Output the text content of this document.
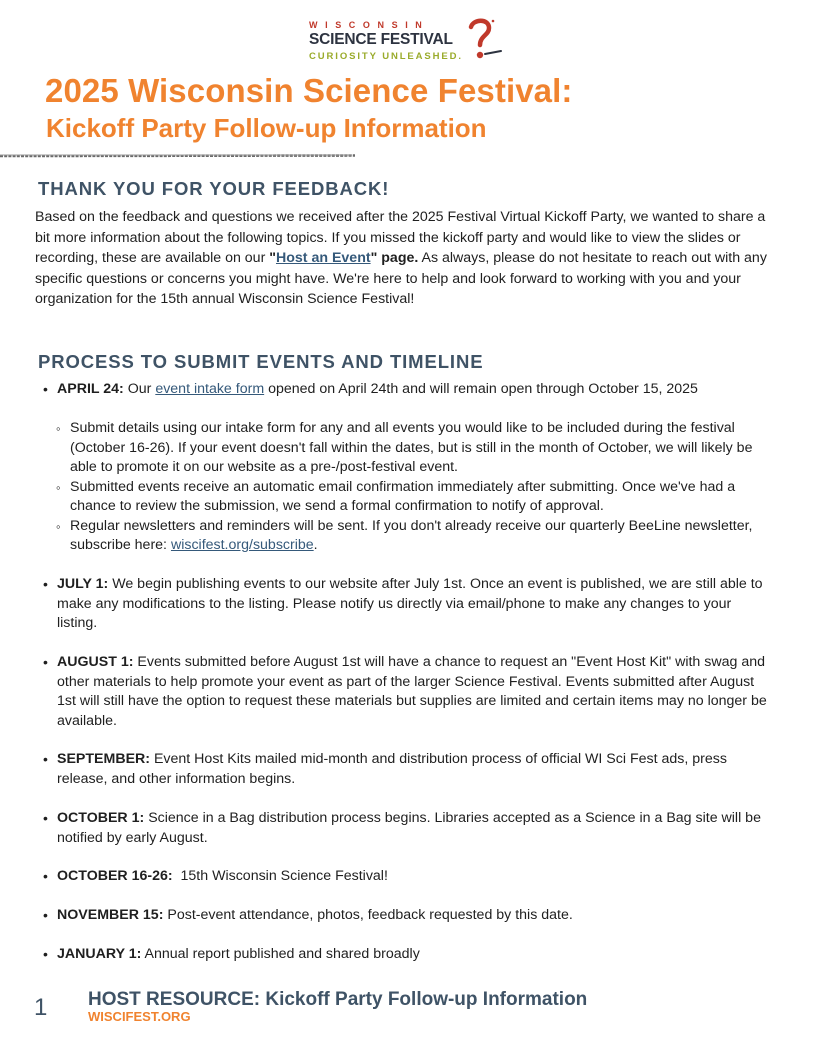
WISCONSIN
SCIENCE FESTIVAL
CURIOSITY UNLEASHED.
2025 Wisconsin Science Festival:
Kickoff Party Follow-up Information
THANK YOU FOR YOUR FEEDBACK!
Based on the feedback and questions we received after the 2025 Festival Virtual Kickoff Party, we wanted to share a bit more information about the following topics. If you missed the kickoff party and would like to view the slides or recording, these are available on our "Host an Event" page. As always, please do not hesitate to reach out with any specific questions or concerns you might have. We're here to help and look forward to working with you and your organization for the 15th annual Wisconsin Science Festival!
PROCESS TO SUBMIT EVENTS AND TIMELINE
• APRIL 24: Our event intake form opened on April 24th and will remain open through October 15, 2025
◦ Submit details using our intake form for any and all events you would like to be included during the festival (October 16-26). If your event doesn't fall within the dates, but is still in the month of October, we will likely be able to promote it on our website as a pre-/post-festival event.
◦ Submitted events receive an automatic email confirmation immediately after submitting. Once we've had a chance to review the submission, we send a formal confirmation to notify of approval.
◦ Regular newsletters and reminders will be sent. If you don't already receive our quarterly BeeLine newsletter, subscribe here: wiscifest.org/subscribe.
• JULY 1: We begin publishing events to our website after July 1st. Once an event is published, we are still able to make any modifications to the listing. Please notify us directly via email/phone to make any changes to your listing.
• AUGUST 1: Events submitted before August 1st will have a chance to request an "Event Host Kit" with swag and other materials to help promote your event as part of the larger Science Festival. Events submitted after August 1st will still have the option to request these materials but supplies are limited and certain items may no longer be available.
• SEPTEMBER: Event Host Kits mailed mid-month and distribution process of official WI Sci Fest ads, press release, and other information begins.
• OCTOBER 1: Science in a Bag distribution process begins. Libraries accepted as a Science in a Bag site will be notified by early August.
• OCTOBER 16-26:  15th Wisconsin Science Festival!
• NOVEMBER 15: Post-event attendance, photos, feedback requested by this date.
• JANUARY 1: Annual report published and shared broadly
1 HOST RESOURCE: Kickoff Party Follow-up Information
WISCIFEST.ORG
